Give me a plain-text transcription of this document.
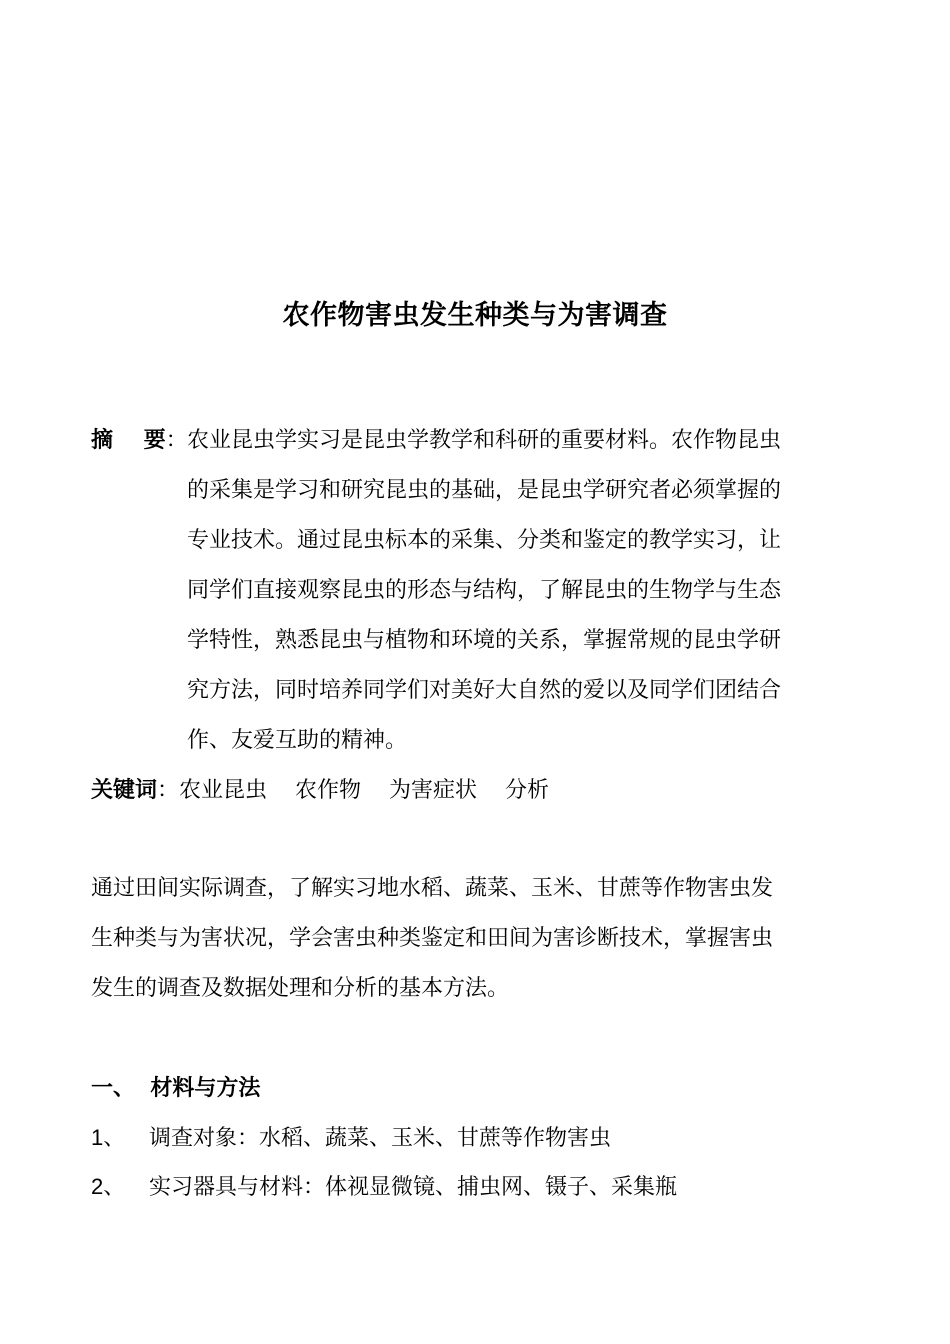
农作物害虫发生种类与为害调查
摘    要： 农业昆虫学实习是昆虫学教学和科研的重要材料。农作物昆虫
的采集是学习和研究昆虫的基础，是昆虫学研究者必须掌握的
专业技术。通过昆虫标本的采集、分类和鉴定的教学实习，让
同学们直接观察昆虫的形态与结构，了解昆虫的生物学与生态
学特性，熟悉昆虫与植物和环境的关系，掌握常规的昆虫学研
究方法，同时培养同学们对美好大自然的爱以及同学们团结合
作、友爱互助的精神。
关键词：农业昆虫    农作物    为害症状    分析
通过田间实际调查，了解实习地水稻、蔬菜、玉米、甘蔗等作物害虫发
生种类与为害状况，学会害虫种类鉴定和田间为害诊断技术，掌握害虫
发生的调查及数据处理和分析的基本方法。
一、  材料与方法
1、 调查对象：水稻、蔬菜、玉米、甘蔗等作物害虫
2、 实习器具与材料：体视显微镜、捕虫网、镊子、采集瓶
